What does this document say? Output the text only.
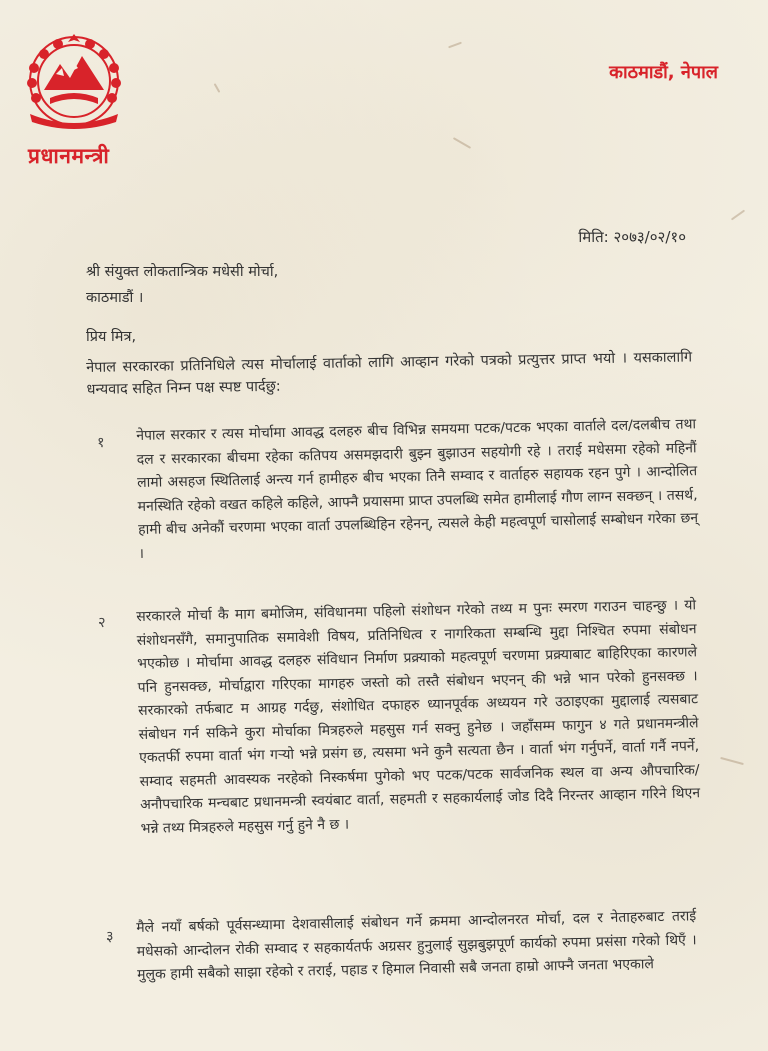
प्रधानमन्त्री
काठमाडौं, नेपाल
मिति: २०७३/०२/१०
श्री संयुक्त लोकतान्त्रिक मधेसी मोर्चा,
काठमाडौं ।
प्रिय मित्र,
नेपाल सरकारका प्रतिनिधिले त्यस मोर्चालाई वार्ताको लागि आव्हान गरेको पत्रको प्रत्युत्तर प्राप्त भयो । यसकालागि धन्यवाद सहित निम्न पक्ष स्पष्ट पार्दछु:
१ नेपाल सरकार र त्यस मोर्चामा आवद्ध दलहरु बीच विभिन्न समयमा पटक/पटक भएका वार्ताले दल/दलबीच तथा दल र सरकारका बीचमा रहेका कतिपय असमझदारी बुझ्न बुझाउन सहयोगी रहे । तराई मधेसमा रहेको महिनौं लामो असहज स्थितिलाई अन्त्य गर्न हामीहरु बीच भएका तिनै सम्वाद र वार्ताहरु सहायक रहन पुगे । आन्दोलित मनस्थिति रहेको वखत कहिले कहिले, आफ्नै प्रयासमा प्राप्त उपलब्धि समेत हामीलाई गौण लाग्न सक्छन् । तसर्थ, हामी बीच अनेकौं चरणमा भएका वार्ता उपलब्धिहिन रहेनन्, त्यसले केही महत्वपूर्ण चासोलाई सम्बोधन गरेका छन् ।
२ सरकारले मोर्चा कै माग बमोजिम, संविधानमा पहिलो संशोधन गरेको तथ्य म पुनः स्मरण गराउन चाहन्छु । यो संशोधनसँगै, समानुपातिक समावेशी विषय, प्रतिनिधित्व र नागरिकता सम्बन्धि मुद्दा निश्चित रुपमा संबोधन भएकोछ । मोर्चामा आवद्ध दलहरु संविधान निर्माण प्रक्र्याको महत्वपूर्ण चरणमा प्रक्र्याबाट बाहिरिएका कारणले पनि हुनसक्छ, मोर्चाद्वारा गरिएका मागहरु जस्तो को तस्तै संबोधन भएनन् की भन्ने भान परेको हुनसक्छ । सरकारको तर्फबाट म आग्रह गर्दछु, संशोधित दफाहरु ध्यानपूर्वक अध्ययन गरे उठाइएका मुद्दालाई त्यसबाट संबोधन गर्न सकिने कुरा मोर्चाका मित्रहरुले महसुस गर्न सक्नु हुनेछ । जहाँसम्म फागुन ४ गते प्रधानमन्त्रीले एकतर्फी रुपमा वार्ता भंग गर्‍यो भन्ने प्रसंग छ, त्यसमा भने कुनै सत्यता छैन । वार्ता भंग गर्नुपर्ने, वार्ता गर्नै नपर्ने, सम्वाद सहमती आवस्यक नरहेको निस्कर्षमा पुगेको भए पटक/पटक सार्वजनिक स्थल वा अन्य औपचारिक/अनौपचारिक मन्चबाट प्रधानमन्त्री स्वयंबाट वार्ता, सहमती र सहकार्यलाई जोड दिदै निरन्तर आव्हान गरिने थिएन भन्ने तथ्य मित्रहरुले महसुस गर्नु हुने नै छ ।
३
मैले नयाँ बर्षको पूर्वसन्ध्यामा देशवासीलाई संबोधन गर्ने क्रममा आन्दोलनरत मोर्चा, दल र नेताहरुबाट तराई मधेसको आन्दोलन रोकी सम्वाद र सहकार्यतर्फ अग्रसर हुनुलाई सुझबुझपूर्ण कार्यको रुपमा प्रसंसा गरेको थिएँ । मुलुक हामी सबैको साझा रहेको र तराई, पहाड र हिमाल निवासी सबै जनता हाम्रो आफ्नै जनता भएकाले
